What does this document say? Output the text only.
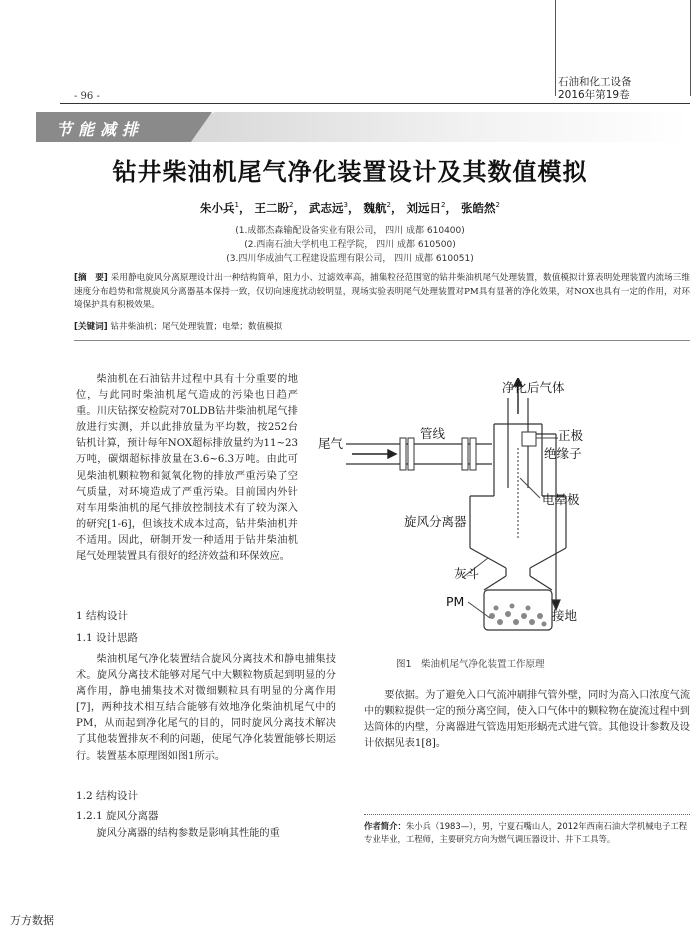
石油和化工设备
2016年第19卷
- 96 -
节能减排
钻井柴油机尾气净化装置设计及其数值模拟
朱小兵$^1$， 王二盼$^2$， 武志远$^3$， 魏航$^2$， 刘远日$^2$， 张皓然$^2$
(1.成都杰森输配设备实业有限公司， 四川 成都 610400)
(2.西南石油大学机电工程学院， 四川 成都 610500)
(3.四川华成油气工程建设监理有限公司， 四川 成都 610051)
[摘　要] 采用静电旋风分离原理设计出一种结构简单，阻力小、过滤效率高，捕集粒径范围宽的钻井柴油机尾气处理装置，数值模拟计算表明处理装置内流场三维速度分布趋势和常规旋风分离器基本保持一致，仅切向速度扰动较明显，现场实验表明尾气处理装置对PM具有显著的净化效果，对NOX也具有一定的作用，对环境保护具有积极效果。
[关键词] 钻井柴油机；尾气处理装置；电晕；数值模拟

柴油机在石油钻井过程中具有十分重要的地位，与此同时柴油机尾气造成的污染也日趋严重。川庆钻探安检院对70LDB钻井柴油机尾气排放进行实测，并以此排放量为平均数，按252台钻机计算，预计每年NOX超标排放量约为11~23万吨，碳烟超标排放量在3.6~6.3万吨。由此可见柴油机颗粒物和氮氧化物的排放严重污染了空气质量，对环境造成了严重污染。目前国内外针对车用柴油机的尾气排放控制技术有了较为深入的研究[1-6]，但该技术成本过高，钻井柴油机并不适用。因此，研制开发一种适用于钻井柴油机尾气处理装置具有很好的经济效益和环保效应。

1 结构设计
1.1 设计思路

柴油机尾气净化装置结合旋风分离技术和静电捕集技术。旋风分离技术能够对尾气中大颗粒物质起到明显的分离作用，静电捕集技术对微细颗粒具有明显的分离作用[7]，两种技术相互结合能够有效地净化柴油机尾气中的PM，从而起到净化尾气的目的，同时旋风分离技术解决了其他装置排灰不利的问题，使尾气净化装置能够长期运行。装置基本原理图如图1所示。

1.2 结构设计
1.2.1 旋风分离器

旋风分离器的结构参数是影响其性能的重

净化后气体
尾气
管线	正极
绝缘子
电晕极
旋风分离器
灰斗
PM
接地
图1　柴油机尾气净化装置工作原理

要依据。为了避免入口气流冲刷排气管外壁，同时为高入口浓度气流中的颗粒提供一定的预分离空间，使入口气体中的颗粒物在旋流过程中到达筒体的内壁，分离器进气管选用矩形蜗壳式进气管。其他设计参数及设计依据见表1[8]。

作者简介：朱小兵（1983—），男，宁夏石嘴山人，2012年西南石油大学机械电子工程专业毕业，工程师，主要研究方向为燃气调压器设计、井下工具等。
万方数据
